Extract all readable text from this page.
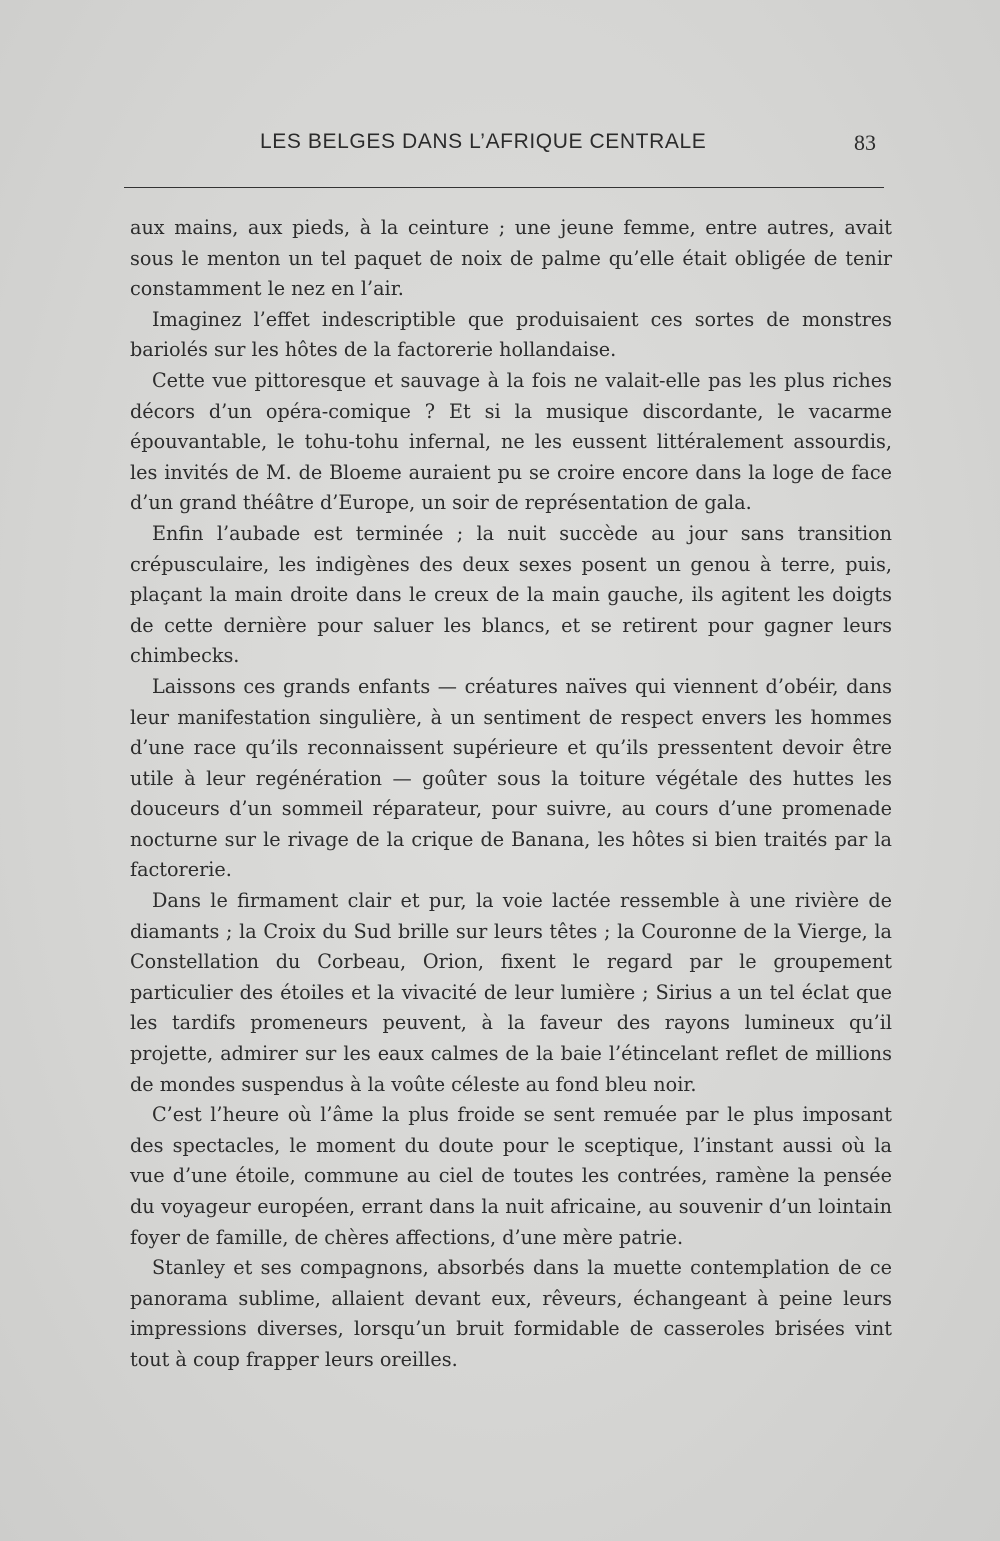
LES BELGES DANS L’AFRIQUE CENTRALE	83

aux mains, aux pieds, à la ceinture ; une jeune femme, entre autres, avait sous le menton un tel paquet de noix de palme qu’elle était obligée de tenir constamment le nez en l’air.

Imaginez l’effet indescriptible que produisaient ces sortes de monstres bariolés sur les hôtes de la factorerie hollandaise.

Cette vue pittoresque et sauvage à la fois ne valait-elle pas les plus riches décors d’un opéra-comique ? Et si la musique discordante, le vacarme épouvantable, le tohu-tohu infernal, ne les eussent littéralement assourdis, les invités de M. de Bloeme auraient pu se croire encore dans la loge de face d’un grand théâtre d’Europe, un soir de représentation de gala.

Enfin l’aubade est terminée ; la nuit succède au jour sans transition crépusculaire, les indigènes des deux sexes posent un genou à terre, puis, plaçant la main droite dans le creux de la main gauche, ils agitent les doigts de cette dernière pour saluer les blancs, et se retirent pour gagner leurs chimbecks.

Laissons ces grands enfants — créatures naïves qui viennent d’obéir, dans leur manifestation singulière, à un sentiment de respect envers les hommes d’une race qu’ils reconnaissent supérieure et qu’ils pressentent devoir être utile à leur regénération — goûter sous la toiture végétale des huttes les douceurs d’un sommeil réparateur, pour suivre, au cours d’une promenade nocturne sur le rivage de la crique de Banana, les hôtes si bien traités par la factorerie.

Dans le firmament clair et pur, la voie lactée ressemble à une rivière de diamants ; la Croix du Sud brille sur leurs têtes ; la Couronne de la Vierge, la Constellation du Corbeau, Orion, fixent le regard par le groupement particulier des étoiles et la vivacité de leur lumière ; Sirius a un tel éclat que les tardifs promeneurs peuvent, à la faveur des rayons lumineux qu’il projette, admirer sur les eaux calmes de la baie l’étincelant reflet de millions de mondes suspendus à la voûte céleste au fond bleu noir.

C’est l’heure où l’âme la plus froide se sent remuée par le plus imposant des spectacles, le moment du doute pour le sceptique, l’instant aussi où la vue d’une étoile, commune au ciel de toutes les contrées, ramène la pensée du voyageur européen, errant dans la nuit africaine, au souvenir d’un lointain foyer de famille, de chères affections, d’une mère patrie.

Stanley et ses compagnons, absorbés dans la muette contemplation de ce panorama sublime, allaient devant eux, rêveurs, échangeant à peine leurs impressions diverses, lorsqu’un bruit formidable de casseroles brisées vint tout à coup frapper leurs oreilles.
